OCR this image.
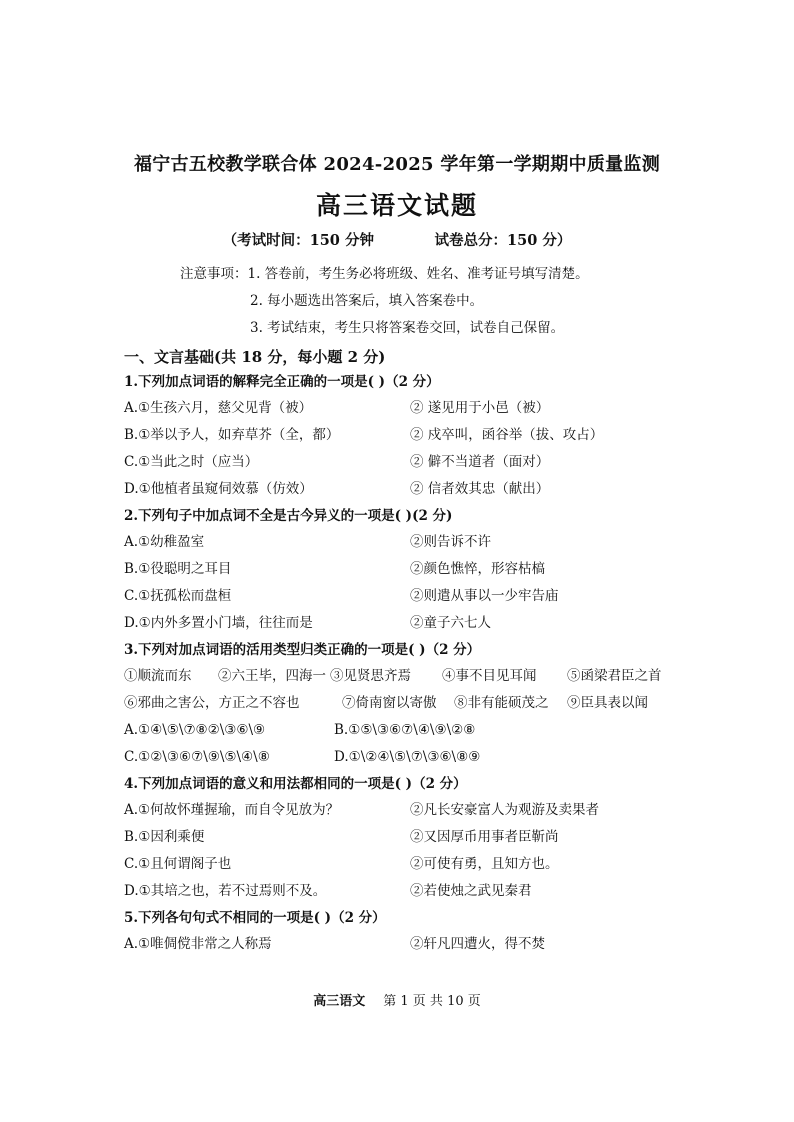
福宁古五校教学联合体 2024-2025 学年第一学期期中质量监测
高三语文试题
（考试时间：150 分钟	试卷总分：150 分）
注意事项：1. 答卷前，考生务必将班级、姓名、准考证号填写清楚。
2. 每小题选出答案后，填入答案卷中。
3. 考试结束，考生只将答案卷交回，试卷自己保留。
一、文言基础(共 18 分，每小题 2 分)
1.下列加点词语的解释完全正确的一项是( )（2 分）
A.①生孩六月，慈父见背（被）	② 遂见用于小邑（被）
B.①举以予人，如弃草芥（全，都）	② 戍卒叫，函谷举（拔、攻占）
C.①当此之时（应当）	② 僻不当道者（面对）
D.①他植者虽窥伺效慕（仿效）	② 信者效其忠（献出）
2.下列句子中加点词不全是古今异义的一项是( )(2 分)
A.①幼稚盈室	②则告诉不许
B.①役聪明之耳目	②颜色憔悴，形容枯槁
C.①抚孤松而盘桓	②则遣从事以一少牢告庙
D.①内外多置小门墙，往往而是	②童子六七人
3.下列对加点词语的活用类型归类正确的一项是( )（2 分）
①顺流而东 ②六王毕，四海一 ③见贤思齐焉 ④事不目见耳闻 ⑤函梁君臣之首
⑥邪曲之害公，方正之不容也	⑦倚南窗以寄傲 ⑧非有能硕茂之 ⑨臣具表以闻
A.①④\⑤\⑦⑧②\③⑥\⑨	B.①⑤\③⑥⑦\④\⑨\②⑧
C.①②\③⑥⑦\⑨\⑤\④\⑧	D.①\②④\⑤\⑦\③⑥\⑧⑨
4.下列加点词语的意义和用法都相同的一项是( )（2 分）
A.①何故怀瑾握瑜，而自令见放为？	②凡长安豪富人为观游及卖果者
B.①因利乘便	②又因厚币用事者臣靳尚
C.①且何谓阁子也	②可使有勇，且知方也。
D.①其培之也，若不过焉则不及。	②若使烛之武见秦君
5.下列各句句式不相同的一项是( )（2 分）
A.①唯倜傥非常之人称焉	②轩凡四遭火，得不焚
高三语文 第 1 页 共 10 页
